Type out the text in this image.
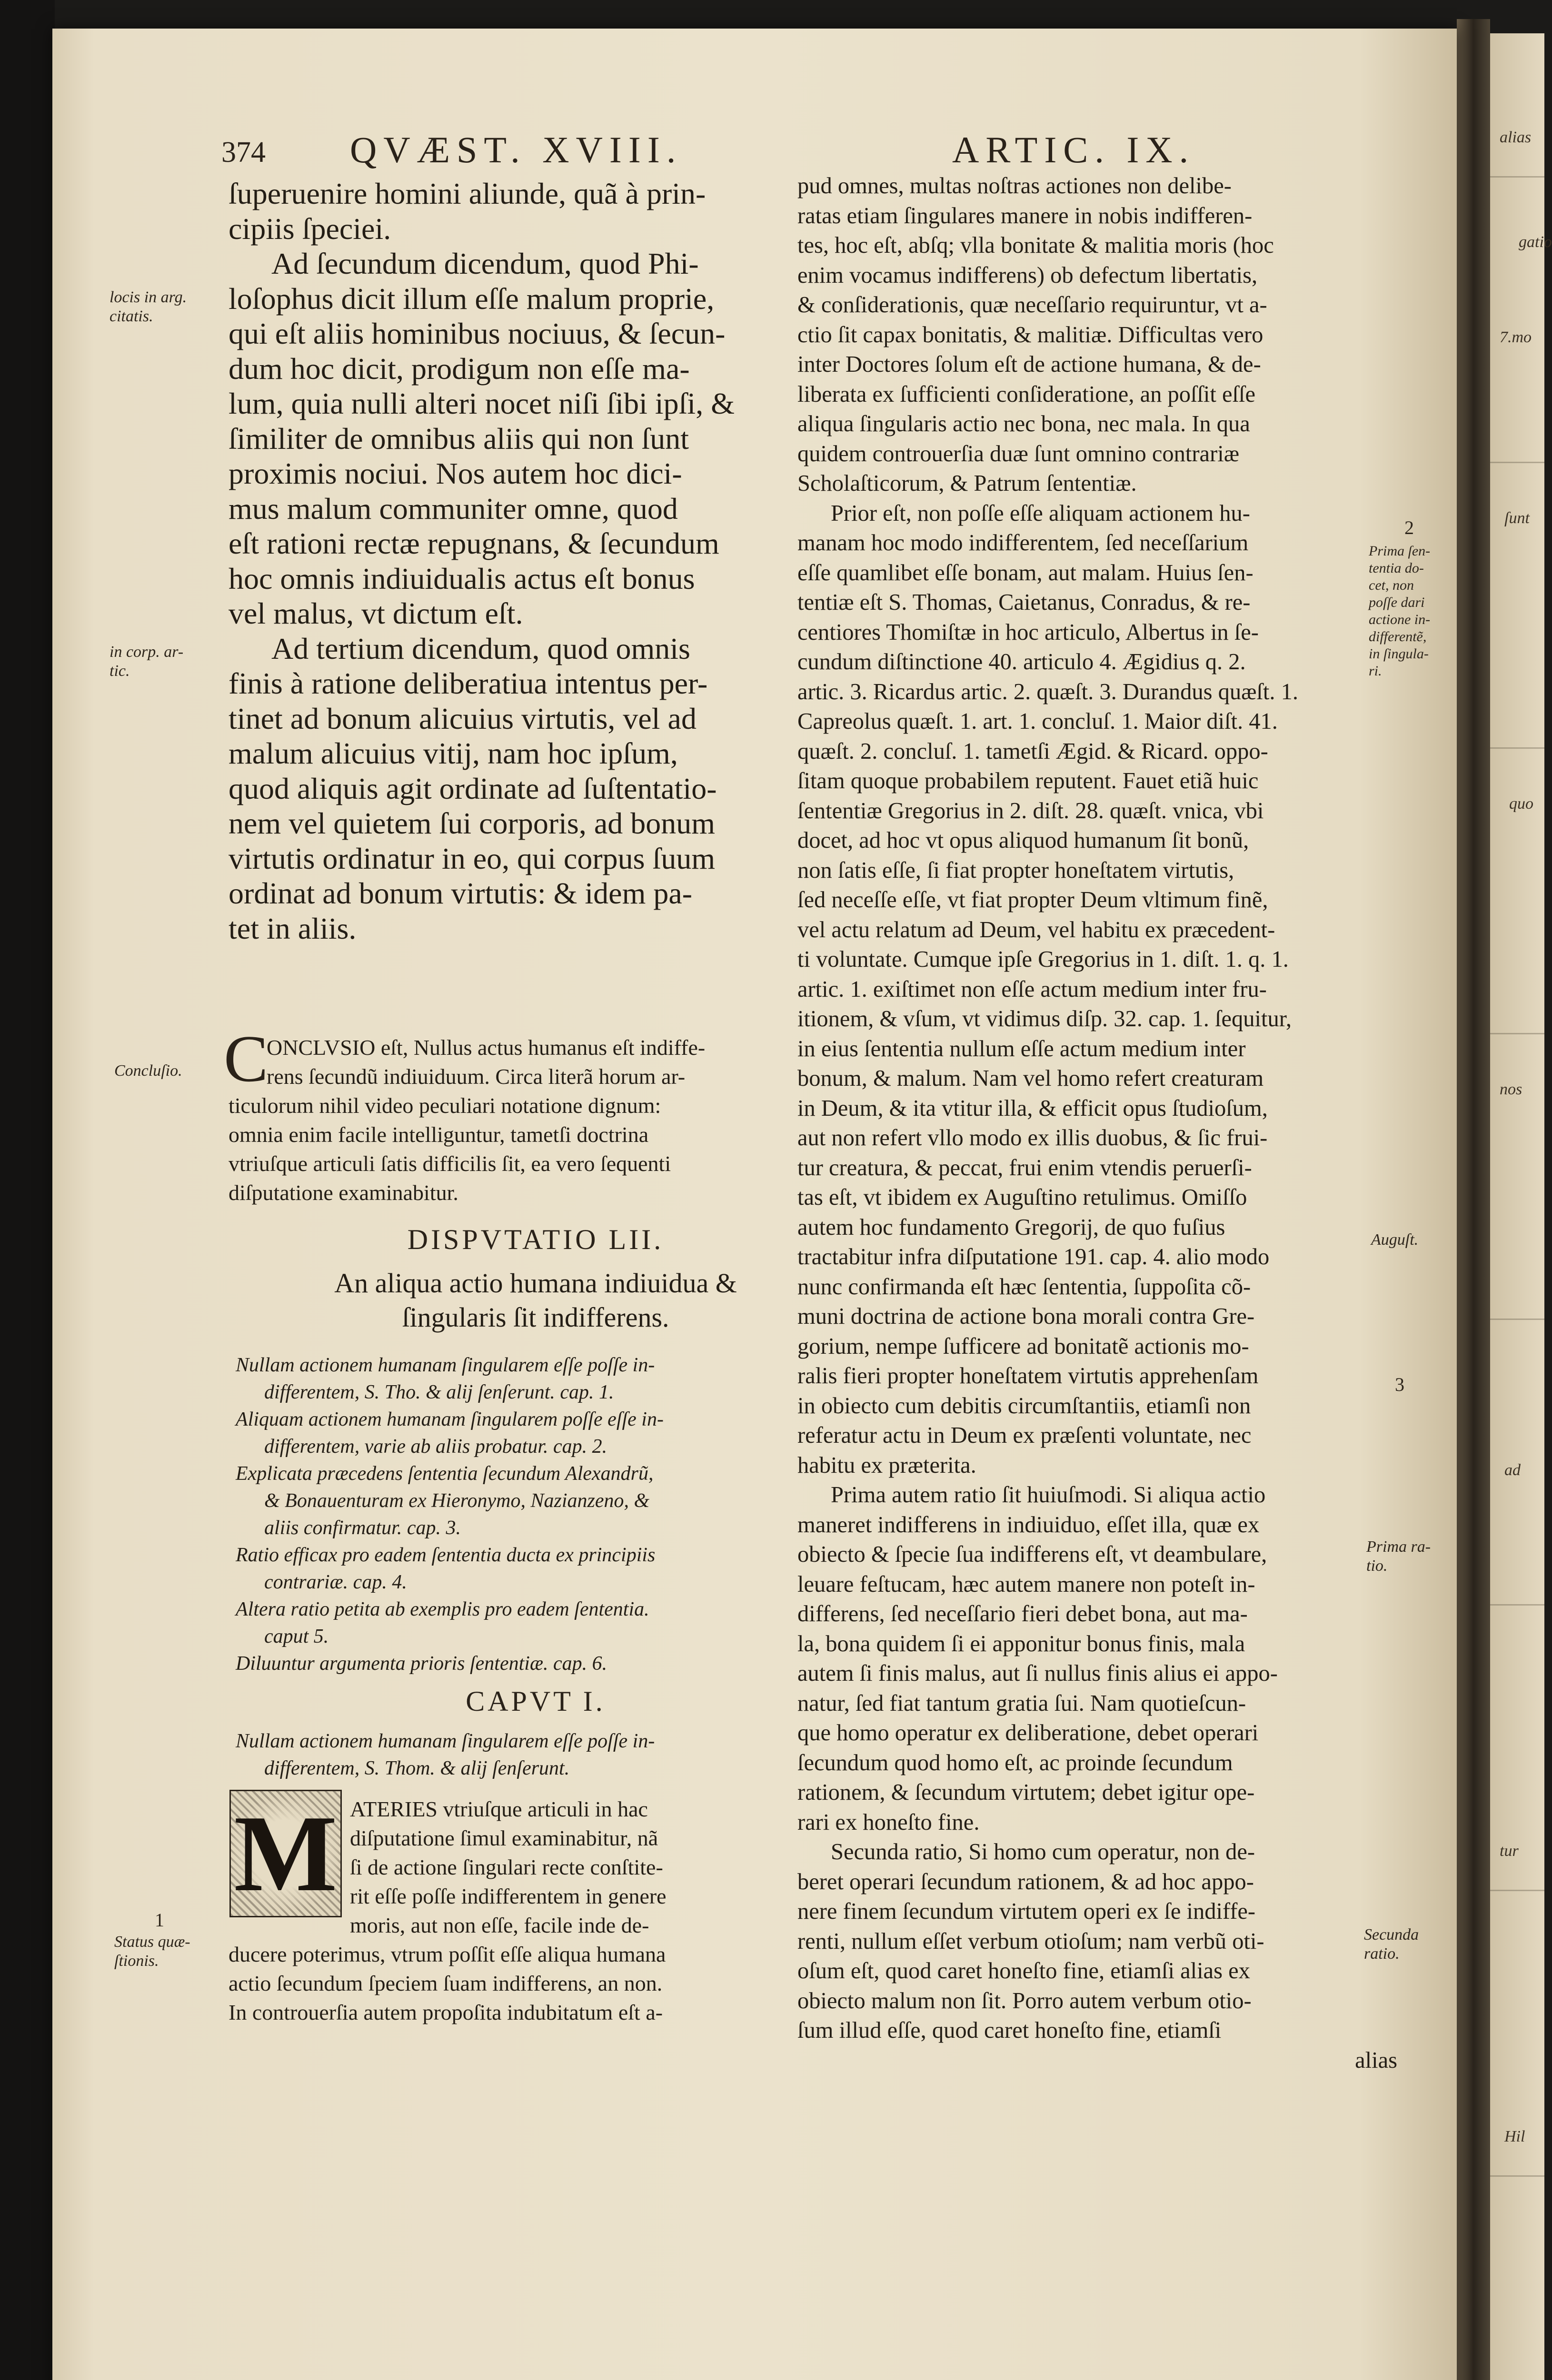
alias
gatio
7.mo
ſunt
quo
nos
ad
tur
Hil
374 QVÆST. XVIII.	ARTIC. IX.
ſuperuenire homini aliunde, quã à prin-
cipiis ſpeciei.
Ad ſecundum dicendum, quod Phi-
loſophus dicit illum eſſe malum proprie,
qui eſt aliis hominibus nociuus, & ſecun-
dum hoc dicit, prodigum non eſſe ma-
lum, quia nulli alteri nocet niſi ſibi ipſi, &
ſimiliter de omnibus aliis qui non ſunt
proximis nociui. Nos autem hoc dici-
mus malum communiter omne, quod
eſt rationi rectæ repugnans, & ſecundum
hoc omnis indiuidualis actus eſt bonus
vel malus, vt dictum eſt.
Ad tertium dicendum, quod omnis
finis à ratione deliberatiua intentus per-
tinet ad bonum alicuius virtutis, vel ad
malum alicuius vitij, nam hoc ipſum,
quod aliquis agit ordinate ad ſuſtentatio-
nem vel quietem ſui corporis, ad bonum
virtutis ordinatur in eo, qui corpus ſuum
ordinat ad bonum virtutis: & idem pa-
tet in aliis.
C
ONCLVSIO eſt, Nullus actus humanus eſt indiffe-
rens ſecundũ indiuiduum. Circa literã horum ar-
ticulorum nihil video peculiari notatione dignum:
omnia enim facile intelliguntur, tametſi doctrina
vtriuſque articuli ſatis difficilis ſit, ea vero ſequenti
diſputatione examinabitur.
DISPVTATIO LII.
An aliqua actio humana indiuidua &
ſingularis ſit indifferens.
Nullam actionem humanam ſingularem eſſe poſſe in-
differentem, S. Tho. & alij ſenſerunt. cap. 1.
Aliquam actionem humanam ſingularem poſſe eſſe in-
differentem, varie ab aliis probatur. cap. 2.
Explicata præcedens ſententia ſecundum Alexandrũ,
& Bonauenturam ex Hieronymo, Nazianzeno, &
aliis confirmatur. cap. 3.
Ratio efficax pro eadem ſententia ducta ex principiis
contrariæ. cap. 4.
Altera ratio petita ab exemplis pro eadem ſententia.
caput 5.
Diluuntur argumenta prioris ſententiæ. cap. 6.
CAPVT I.
Nullam actionem humanam ſingularem eſſe poſſe in-
differentem, S. Thom. & alij ſenſerunt.
M ATERIES vtriuſque articuli in hac
diſputatione ſimul examinabitur, nã
ſi de actione ſingulari recte conſtite-
rit eſſe poſſe indifferentem in genere
moris, aut non eſſe, facile inde de-
ducere poterimus, vtrum poſſit eſſe aliqua humana
actio ſecundum ſpeciem ſuam indifferens, an non.
In controuerſia autem propoſita indubitatum eſt a-
pud omnes, multas noſtras actiones non delibe-
ratas etiam ſingulares manere in nobis indifferen-
tes, hoc eſt, abſq; vlla bonitate & malitia moris (hoc
enim vocamus indifferens) ob defectum libertatis,
& conſiderationis, quæ neceſſario requiruntur, vt a-
ctio ſit capax bonitatis, & malitiæ. Difficultas vero
inter Doctores ſolum eſt de actione humana, & de-
liberata ex ſufficienti conſideratione, an poſſit eſſe
aliqua ſingularis actio nec bona, nec mala. In qua
quidem controuerſia duæ ſunt omnino contrariæ
Scholaſticorum, & Patrum ſententiæ.
Prior eſt, non poſſe eſſe aliquam actionem hu-
manam hoc modo indifferentem, ſed neceſſarium
eſſe quamlibet eſſe bonam, aut malam. Huius ſen-
tentiæ eſt S. Thomas, Caietanus, Conradus, & re-
centiores Thomiſtæ in hoc articulo, Albertus in ſe-
cundum diſtinctione 40. articulo 4. Ægidius q. 2.
artic. 3. Ricardus artic. 2. quæſt. 3. Durandus quæſt. 1.
Capreolus quæſt. 1. art. 1. concluſ. 1. Maior diſt. 41.
quæſt. 2. concluſ. 1. tametſi Ægid. & Ricard. oppo-
ſitam quoque probabilem reputent. Fauet etiã huic
ſententiæ Gregorius in 2. diſt. 28. quæſt. vnica, vbi
docet, ad hoc vt opus aliquod humanum ſit bonũ,
non ſatis eſſe, ſi fiat propter honeſtatem virtutis,
ſed neceſſe eſſe, vt fiat propter Deum vltimum finẽ,
vel actu relatum ad Deum, vel habitu ex præcedent-
ti voluntate. Cumque ipſe Gregorius in 1. diſt. 1. q. 1.
artic. 1. exiſtimet non eſſe actum medium inter fru-
itionem, & vſum, vt vidimus diſp. 32. cap. 1. ſequitur,
in eius ſententia nullum eſſe actum medium inter
bonum, & malum. Nam vel homo refert creaturam
in Deum, & ita vtitur illa, & efficit opus ſtudioſum,
aut non refert vllo modo ex illis duobus, & ſic frui-
tur creatura, & peccat, frui enim vtendis peruerſi-
tas eſt, vt ibidem ex Auguſtino retulimus. Omiſſo
autem hoc fundamento Gregorij, de quo fuſius
tractabitur infra diſputatione 191. cap. 4. alio modo
nunc confirmanda eſt hæc ſententia, ſuppoſita cõ-
muni doctrina de actione bona morali contra Gre-
gorium, nempe ſufficere ad bonitatẽ actionis mo-
ralis fieri propter honeſtatem virtutis apprehenſam
in obiecto cum debitis circumſtantiis, etiamſi non
referatur actu in Deum ex præſenti voluntate, nec
habitu ex præterita.
Prima autem ratio ſit huiuſmodi. Si aliqua actio
maneret indifferens in indiuiduo, eſſet illa, quæ ex
obiecto & ſpecie ſua indifferens eſt, vt deambulare,
leuare feſtucam, hæc autem manere non poteſt in-
differens, ſed neceſſario fieri debet bona, aut ma-
la, bona quidem ſi ei apponitur bonus finis, mala
autem ſi finis malus, aut ſi nullus finis alius ei appo-
natur, ſed fiat tantum gratia ſui. Nam quotieſcun-
que homo operatur ex deliberatione, debet operari
ſecundum quod homo eſt, ac proinde ſecundum
rationem, & ſecundum virtutem; debet igitur ope-
rari ex honeſto fine.
Secunda ratio, Si homo cum operatur, non de-
beret operari ſecundum rationem, & ad hoc appo-
nere finem ſecundum virtutem operi ex ſe indiffe-
renti, nullum eſſet verbum otioſum; nam verbũ oti-
oſum eſt, quod caret honeſto fine, etiamſi alias ex
obiecto malum non ſit. Porro autem verbum otio-
ſum illud eſſe, quod caret honeſto fine, etiamſi
alias
locis in arg.
citatis.
in corp. ar-
tic.
Concluſio.
1
Status quæ-
ſtionis.
2
Prima ſen-
tentia do-
cet, non
poſſe dari
actione in-
differentẽ,
in ſingula-
ri.
Auguſt.
3
Prima ra-
tio.
Secunda
ratio.
